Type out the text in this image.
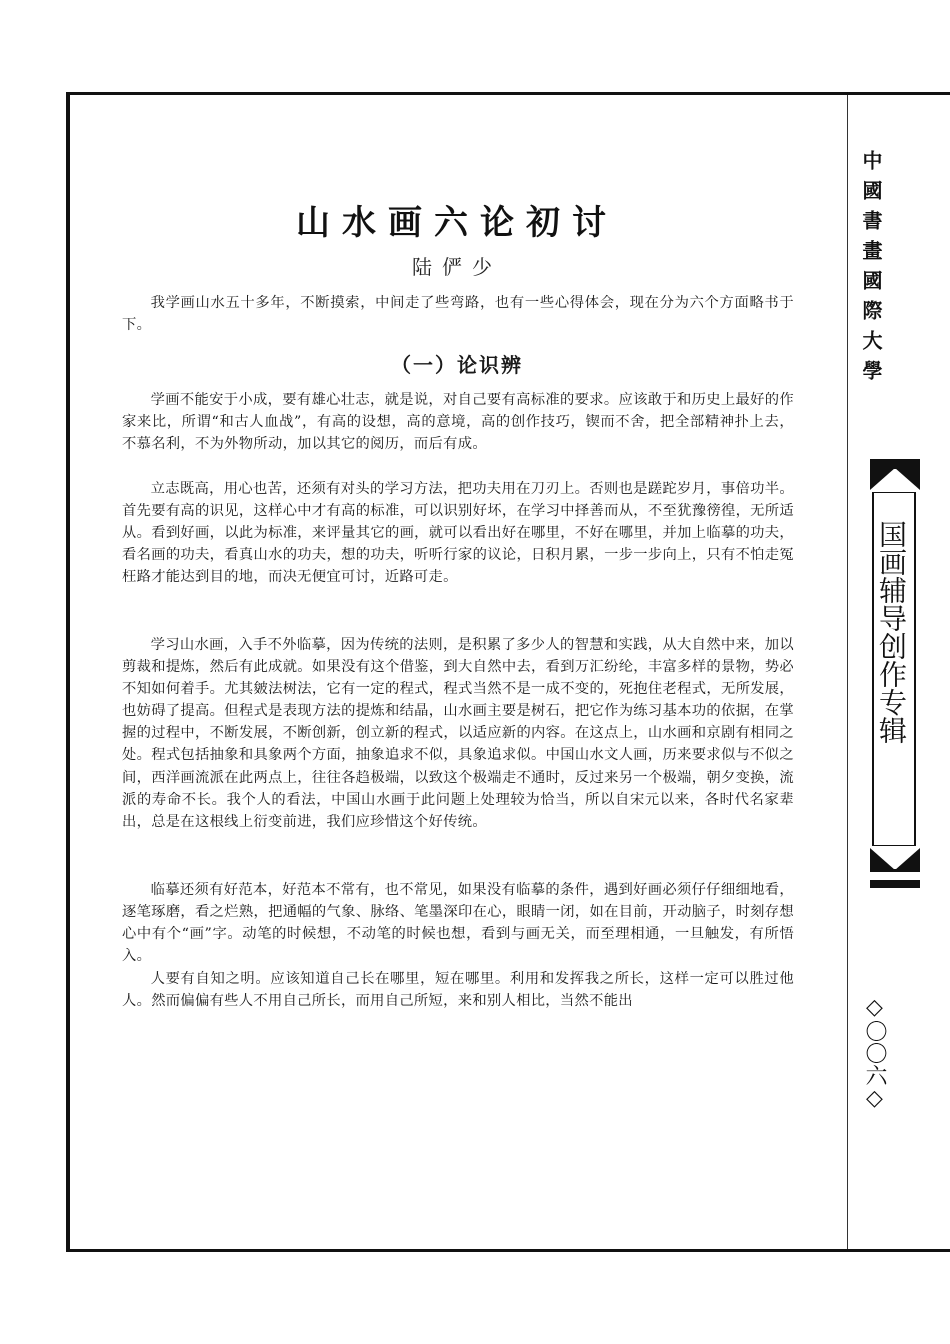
中國書畫國際大學
国画辅导创作专辑
◇〇〇六◇
山水画六论初讨
陆俨少
我学画山水五十多年，不断摸索，中间走了些弯路，也有一些心得体会，现在分为六个方面略书于下。
（一）论识辨
学画不能安于小成，要有雄心壮志，就是说，对自己要有高标准的要求。应该敢于和历史上最好的作家来比，所谓“和古人血战”，有高的设想，高的意境，高的创作技巧，锲而不舍，把全部精神扑上去，不慕名利，不为外物所动，加以其它的阅历，而后有成。
立志既高，用心也苦，还须有对头的学习方法，把功夫用在刀刃上。否则也是蹉跎岁月，事倍功半。首先要有高的识见，这样心中才有高的标准，可以识别好坏，在学习中择善而从，不至犹豫徬徨，无所适从。看到好画，以此为标准，来评量其它的画，就可以看出好在哪里，不好在哪里，并加上临摹的功夫，看名画的功夫，看真山水的功夫，想的功夫，听听行家的议论，日积月累，一步一步向上，只有不怕走冤枉路才能达到目的地，而决无便宜可讨，近路可走。
学习山水画，入手不外临摹，因为传统的法则，是积累了多少人的智慧和实践，从大自然中来，加以剪裁和提炼，然后有此成就。如果没有这个借鉴，到大自然中去，看到万汇纷纶，丰富多样的景物，势必不知如何着手。尤其皴法树法，它有一定的程式，程式当然不是一成不变的，死抱住老程式，无所发展，也妨碍了提高。但程式是表现方法的提炼和结晶，山水画主要是树石，把它作为练习基本功的依据，在掌握的过程中，不断发展，不断创新，创立新的程式，以适应新的内容。在这点上，山水画和京剧有相同之处。程式包括抽象和具象两个方面，抽象追求不似，具象追求似。中国山水文人画，历来要求似与不似之间，西洋画流派在此两点上，往往各趋极端，以致这个极端走不通时，反过来另一个极端，朝夕变换，流派的寿命不长。我个人的看法，中国山水画于此问题上处理较为恰当，所以自宋元以来，各时代名家辈出，总是在这根线上衍变前进，我们应珍惜这个好传统。
临摹还须有好范本，好范本不常有，也不常见，如果没有临摹的条件，遇到好画必须仔仔细细地看，逐笔琢磨，看之烂熟，把通幅的气象、脉络、笔墨深印在心，眼睛一闭，如在目前，开动脑子，时刻存想心中有个“画”字。动笔的时候想，不动笔的时候也想，看到与画无关，而至理相通，一旦触发，有所悟入。
人要有自知之明。应该知道自己长在哪里，短在哪里。利用和发挥我之所长，这样一定可以胜过他人。然而偏偏有些人不用自己所长，而用自己所短，来和别人相比，当然不能出
